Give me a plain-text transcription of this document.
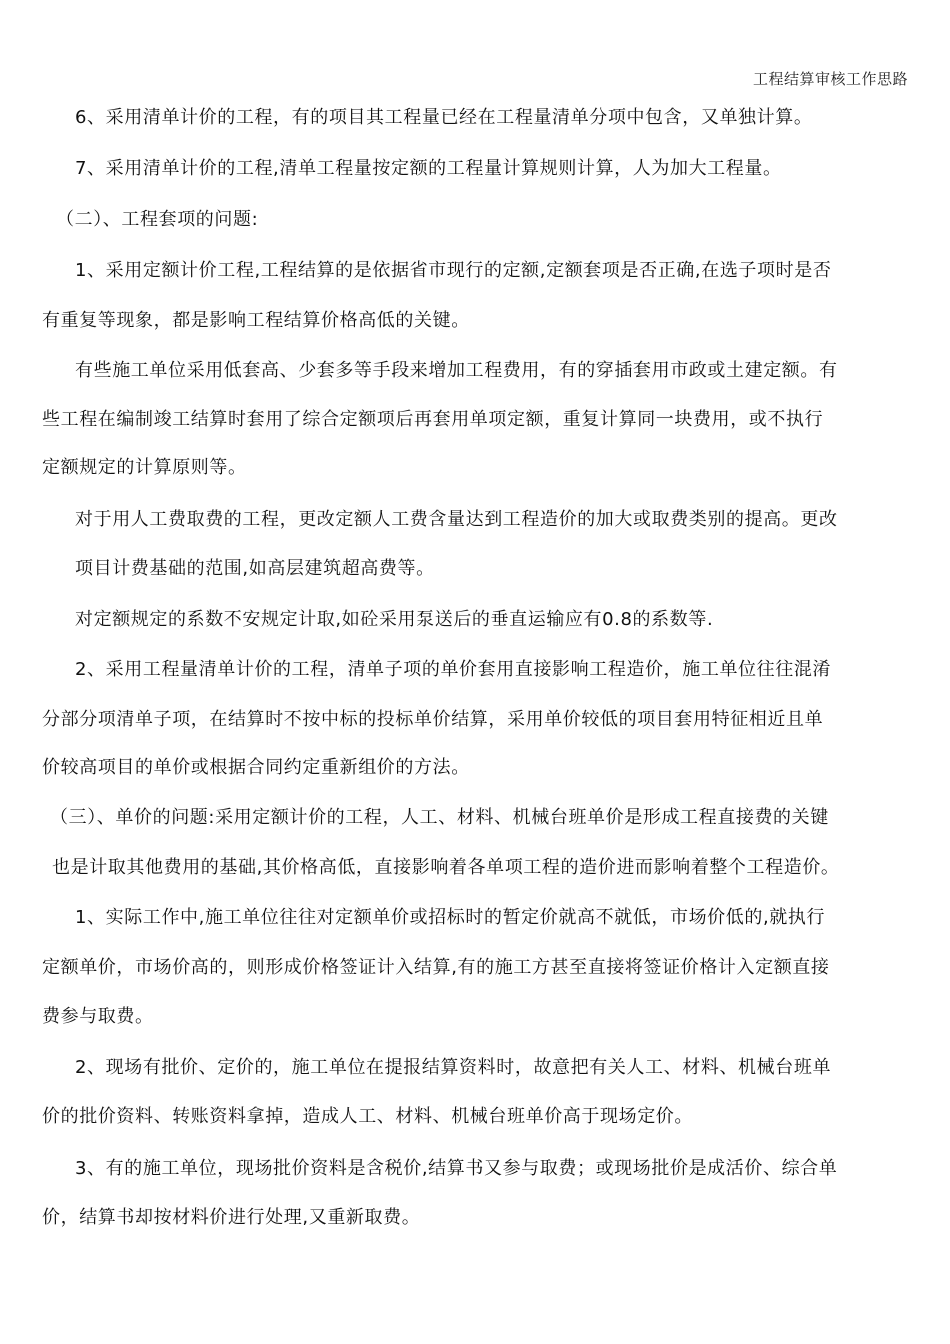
工程结算审核工作思路
6、采用清单计价的工程，有的项目其工程量已经在工程量清单分项中包含，又单独计算。
7、采用清单计价的工程,清单工程量按定额的工程量计算规则计算，人为加大工程量。
（二）、工程套项的问题:
1、采用定额计价工程,工程结算的是依据省市现行的定额,定额套项是否正确,在选子项时是否
有重复等现象，都是影响工程结算价格高低的关键。
有些施工单位采用低套高、少套多等手段来增加工程费用，有的穿插套用市政或土建定额。有
些工程在编制竣工结算时套用了综合定额项后再套用单项定额，重复计算同一块费用，或不执行
定额规定的计算原则等。
对于用人工费取费的工程，更改定额人工费含量达到工程造价的加大或取费类别的提高。更改
项目计费基础的范围,如高层建筑超高费等。
对定额规定的系数不安规定计取,如砼采用泵送后的垂直运输应有0.8的系数等.
2、采用工程量清单计价的工程，清单子项的单价套用直接影响工程造价，施工单位往往混淆
分部分项清单子项，在结算时不按中标的投标单价结算，采用单价较低的项目套用特征相近且单
价较高项目的单价或根据合同约定重新组价的方法。
（三）、单价的问题:采用定额计价的工程，人工、材料、机械台班单价是形成工程直接费的关键
也是计取其他费用的基础,其价格高低，直接影响着各单项工程的造价进而影响着整个工程造价。
1、实际工作中,施工单位往往对定额单价或招标时的暂定价就高不就低，市场价低的,就执行
定额单价，市场价高的，则形成价格签证计入结算,有的施工方甚至直接将签证价格计入定额直接
费参与取费。
2、现场有批价、定价的，施工单位在提报结算资料时，故意把有关人工、材料、机械台班单
价的批价资料、转账资料拿掉，造成人工、材料、机械台班单价高于现场定价。
3、有的施工单位，现场批价资料是含税价,结算书又参与取费；或现场批价是成活价、综合单
价，结算书却按材料价进行处理,又重新取费。
